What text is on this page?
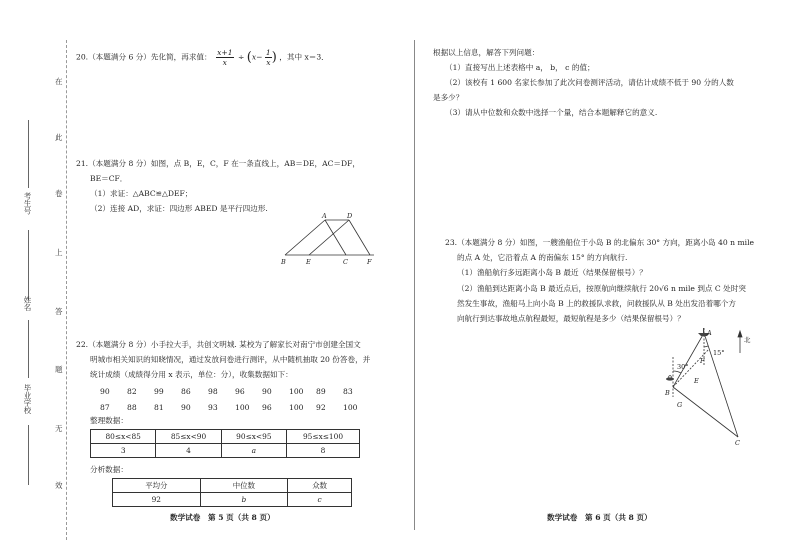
在
此
卷
上
答
题
无
效
考生号
姓名
毕业学校
20.（本题满分 6 分）先化简，再求值： $\frac{x+1}{x} \div (x- \frac{1}{x}$ ) ，其中 x＝3．
21.（本题满分 8 分）如图，点 B，E，C，F 在一条直线上，AB＝DE，AC＝DF，
BE＝CF．
（1）求证：△ABC≌△DEF；
（2）连接 AD，求证：四边形 ABED 是平行四边形.
A	D
B	E	C	F
22.（本题满分 8 分）小手拉大手，共创文明城. 某校为了解家长对南宁市创建全国文
明城市相关知识的知晓情况，通过发放问卷进行测评，从中随机抽取 20 份答卷，并
统计成绩（成绩得分用 x 表示，单位：分），收集数据如下：
90 82 99 86 98 96 90 100 89 83
87 88 81 90 93 100 96 100 92 100
整理数据：
80≤x<85	85≤x<90	90≤x<95	95≤x≤100
3	4	a	8
分析数据：
平均分	中位数	众数
92	b	c
数学试卷　第 5 页（共 8 页）
根据以上信息，解答下列问题：
（1）直接写出上述表格中 a， b， c 的值；
（2）该校有 1 600 名家长参加了此次问卷测评活动，请估计成绩不低于 90 分的人数
是多少？
（3）请从中位数和众数中选择一个量，结合本题解释它的意义.
23.（本题满分 8 分）如图，一艘渔船位于小岛 B 的北偏东 30° 方向，距离小岛 40 n mile
的点 A 处，它沿着点 A 的南偏东 15° 的方向航行.
（1）渔船航行多远距离小岛 B 最近（结果保留根号）？
（2）渔船到达距离小岛 B 最近点后，按原航向继续航行 20√6 n mile 到点 C 处时突
然发生事故，渔船马上向小岛 B 上的救援队求救，问救援队从 B 处出发沿着哪个方
向航行到达事故地点航程最短，最短航程是多少（结果保留根号）？
北
30°
15°
A
B
C
F
G
E
数学试卷　第 6 页（共 8 页）
